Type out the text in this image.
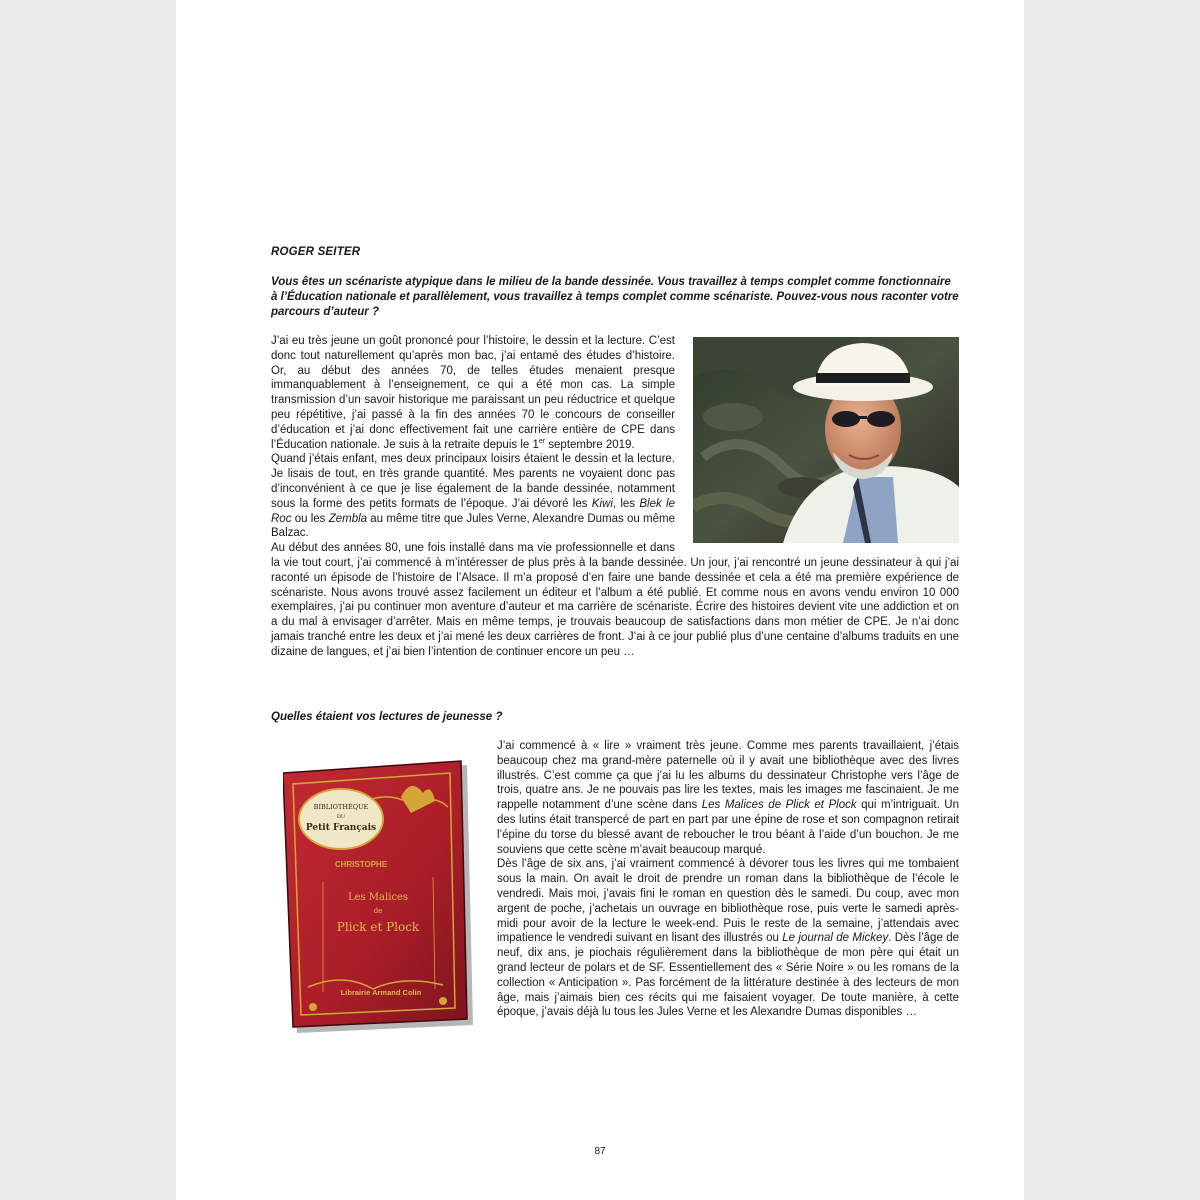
ROGER SEITER
Vous êtes un scénariste atypique dans le milieu de la bande dessinée. Vous travaillez à temps complet comme fonctionnaire à l’Éducation nationale et parallèlement, vous travaillez à temps complet comme scénariste. Pouvez-vous nous raconter votre parcours d’auteur ?

J’ai eu très jeune un goût prononcé pour l’histoire, le dessin et la lecture. C’est donc tout naturellement qu’après mon bac, j’ai entamé des études d’histoire. Or, au début des années 70, de telles études menaient presque immanquablement à l’enseignement, ce qui a été mon cas. La simple transmission d’un savoir historique me paraissant un peu réductrice et quelque peu répétitive, j’ai passé à la fin des années 70 le concours de conseiller d’éducation et j’ai donc effectivement fait une carrière entière de CPE dans l’Éducation nationale. Je suis à la retraite depuis le 1er septembre 2019.

Quand j’étais enfant, mes deux principaux loisirs étaient le dessin et la lecture. Je lisais de tout, en très grande quantité. Mes parents ne voyaient donc pas d’inconvénient à ce que je lise également de la bande dessinée, notamment sous la forme des petits formats de l’époque. J’ai dévoré les Kiwi, les Blek le Roc ou les Zembla au même titre que Jules Verne, Alexandre Dumas ou même Balzac.

Au début des années 80, une fois installé dans ma vie professionnelle et dans la vie tout court, j’ai commencé à m’intéresser de plus près à la bande dessinée. Un jour, j’ai rencontré un jeune dessinateur à qui j’ai raconté un épisode de l’histoire de l’Alsace. Il m’a proposé d’en faire une bande dessinée et cela a été ma première expérience de scénariste. Nous avons trouvé assez facilement un éditeur et l’album a été publié. Et comme nous en avons vendu environ 10 000 exemplaires, j’ai pu continuer mon aventure d’auteur et ma carrière de scénariste. Écrire des histoires devient vite une addiction et on a du mal à envisager d’arrêter. Mais en même temps, je trouvais beaucoup de satisfactions dans mon métier de CPE. Je n’ai donc jamais tranché entre les deux et j’ai mené les deux carrières de front. J’ai à ce jour publié plus d’une centaine d’albums traduits en une dizaine de langues, et j’ai bien l’intention de continuer encore un peu …

Quelles étaient vos lectures de jeunesse ?
BIBLIOTHÈQUE
DU
Petit Français
CHRISTOPHE
Les Malices
de
Plick et Plock
Librairie Armand Colin

J’ai commencé à « lire » vraiment très jeune. Comme mes parents travaillaient, j’étais beaucoup chez ma grand-mère paternelle où il y avait une bibliothèque avec des livres illustrés. C’est comme ça que j’ai lu les albums du dessinateur Christophe vers l’âge de trois, quatre ans. Je ne pouvais pas lire les textes, mais les images me fascinaient. Je me rappelle notamment d’une scène dans Les Malices de Plick et Plock qui m’intriguait. Un des lutins était transpercé de part en part par une épine de rose et son compagnon retirait l’épine du torse du blessé avant de reboucher le trou béant à l’aide d’un bouchon. Je me souviens que cette scène m’avait beaucoup marqué.

Dès l’âge de six ans, j’ai vraiment commencé à dévorer tous les livres qui me tombaient sous la main. On avait le droit de prendre un roman dans la bibliothèque de l’école le vendredi. Mais moi, j’avais fini le roman en question dès le samedi. Du coup, avec mon argent de poche, j’achetais un ouvrage en bibliothèque rose, puis verte le samedi après-midi pour avoir de la lecture le week-end. Puis le reste de la semaine, j’attendais avec impatience le vendredi suivant en lisant des illustrés ou Le journal de Mickey. Dès l’âge de neuf, dix ans, je piochais régulièrement dans la bibliothèque de mon père qui était un grand lecteur de polars et de SF. Essentiellement des « Série Noire » ou les romans de la collection « Anticipation ». Pas forcément de la littérature destinée à des lecteurs de mon âge, mais j’aimais bien ces récits qui me faisaient voyager. De toute manière, à cette époque, j’avais déjà lu tous les Jules Verne et les Alexandre Dumas disponibles …

87
